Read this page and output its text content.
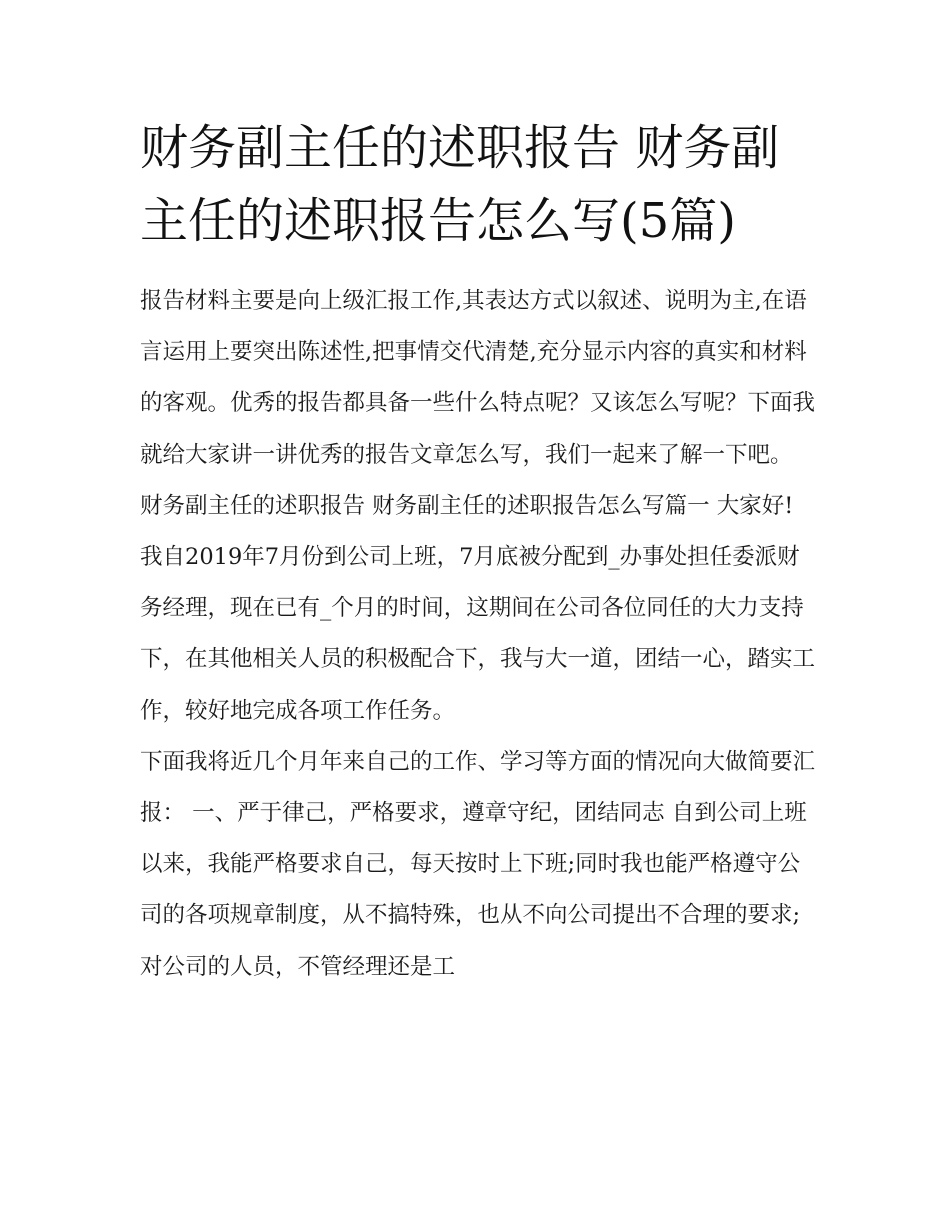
财务副主任的述职报告 财务副主任的述职报告怎么写(5篇)

报告材料主要是向上级汇报工作,其表达方式以叙述、说明为主,在语言运用上要突出陈述性,把事情交代清楚,充分显示内容的真实和材料的客观。优秀的报告都具备一些什么特点呢？又该怎么写呢？下面我就给大家讲一讲优秀的报告文章怎么写，我们一起来了解一下吧。

财务副主任的述职报告 财务副主任的述职报告怎么写篇一 大家好!

我自2019年7月份到公司上班，7月底被分配到_办事处担任委派财务经理，现在已有_个月的时间，这期间在公司各位同任的大力支持下，在其他相关人员的积极配合下，我与大一道，团结一心，踏实工作，较好地完成各项工作任务。

下面我将近几个月年来自己的工作、学习等方面的情况向大做简要汇报： 一、严于律己，严格要求，遵章守纪，团结同志 自到公司上班以来，我能严格要求自己，每天按时上下班;同时我也能严格遵守公司的各项规章制度，从不搞特殊，也从不向公司提出不合理的要求;对公司的人员，不管经理还是工
